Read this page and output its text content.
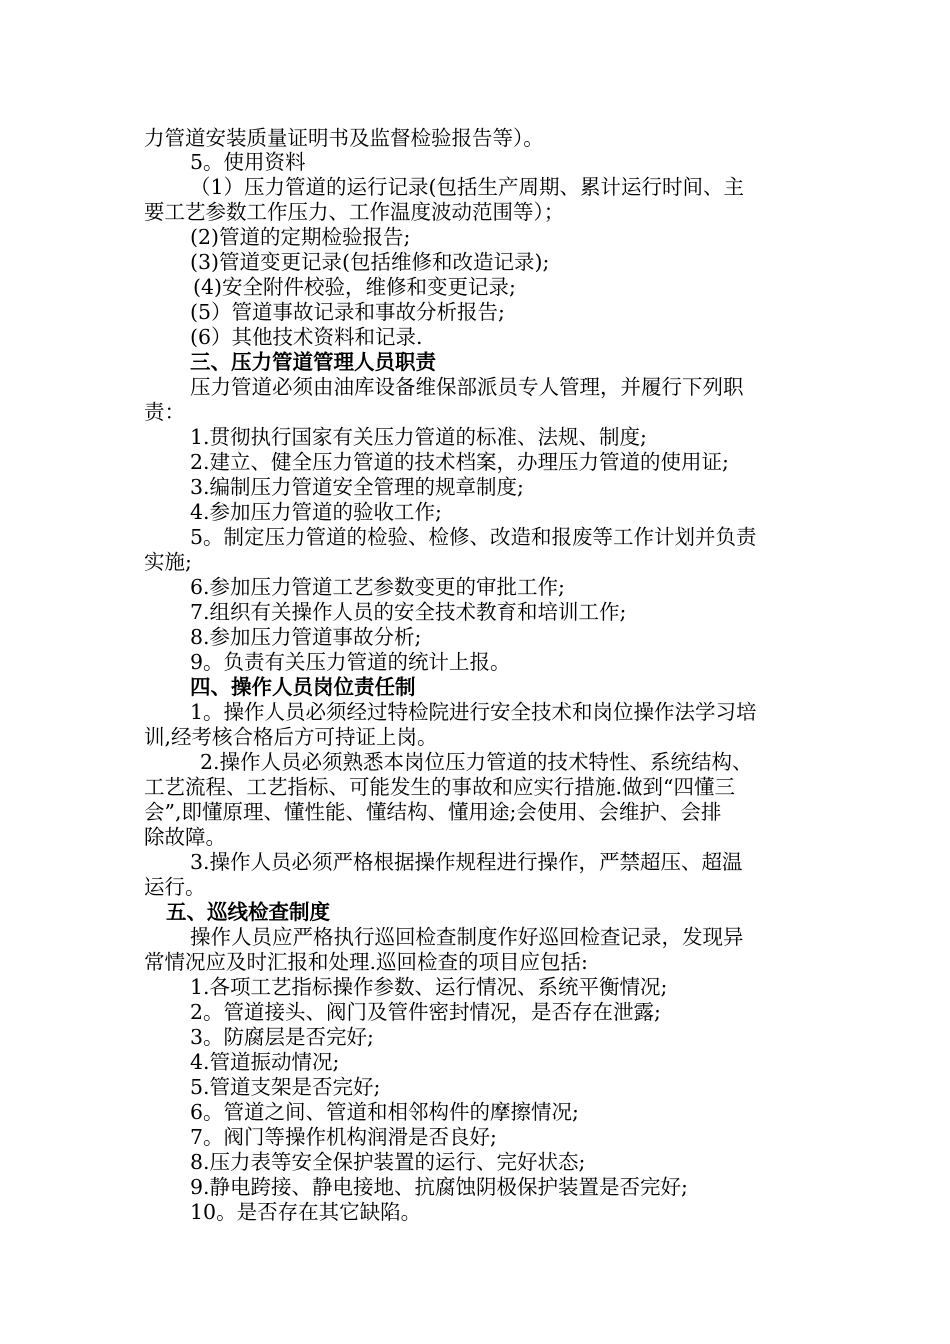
力管道安装质量证明书及监督检验报告等）。
5。使用资料
（1）压力管道的运行记录(包括生产周期、累计运行时间、主
要工艺参数工作压力、工作温度波动范围等）；
(2)管道的定期检验报告;
(3)管道变更记录(包括维修和改造记录);
(4)安全附件校验，维修和变更记录;
(5）管道事故记录和事故分析报告;
(6）其他技术资料和记录.
三、压力管道管理人员职责
压力管道必须由油库设备维保部派员专人管理，并履行下列职
责：
1.贯彻执行国家有关压力管道的标准、法规、制度;
2.建立、健全压力管道的技术档案，办理压力管道的使用证;
3.编制压力管道安全管理的规章制度;
4.参加压力管道的验收工作;
5。制定压力管道的检验、检修、改造和报废等工作计划并负责
实施;
6.参加压力管道工艺参数变更的审批工作;
7.组织有关操作人员的安全技术教育和培训工作;
8.参加压力管道事故分析;
9。负责有关压力管道的统计上报。
四、操作人员岗位责任制
1。操作人员必须经过特检院进行安全技术和岗位操作法学习培
训,经考核合格后方可持证上岗。
2.操作人员必须熟悉本岗位压力管道的技术特性、系统结构、
工艺流程、工艺指标、可能发生的事故和应实行措施.做到“四懂三
会”,即懂原理、懂性能、懂结构、懂用途;会使用、会维护、会排
除故障。
3.操作人员必须严格根据操作规程进行操作，严禁超压、超温
运行。
五、巡线检查制度
操作人员应严格执行巡回检查制度作好巡回检查记录，发现异
常情况应及时汇报和处理.巡回检查的项目应包括:
1.各项工艺指标操作参数、运行情况、系统平衡情况;
2。管道接头、阀门及管件密封情况，是否存在泄露;
3。防腐层是否完好;
4.管道振动情况;
5.管道支架是否完好;
6。管道之间、管道和相邻构件的摩擦情况;
7。阀门等操作机构润滑是否良好;
8.压力表等安全保护装置的运行、完好状态;
9.静电跨接、静电接地、抗腐蚀阴极保护装置是否完好;
10。是否存在其它缺陷。
